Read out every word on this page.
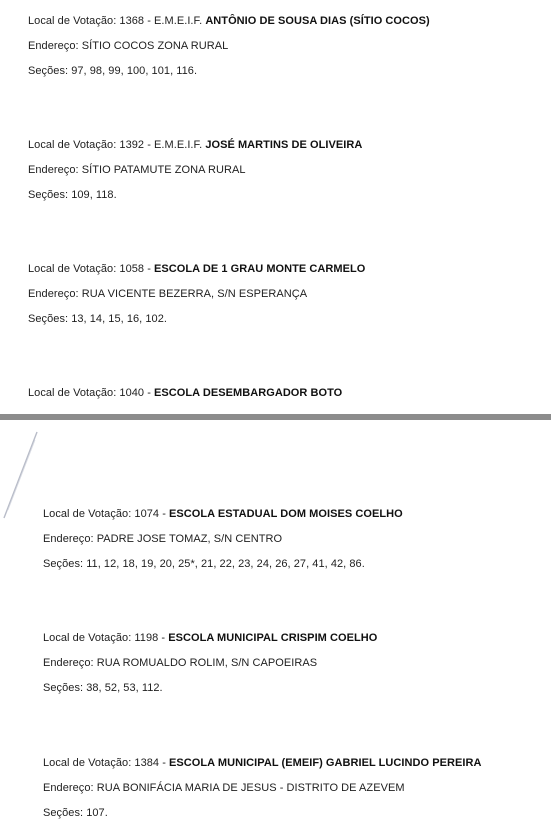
Local de Votação: 1368 - E.M.E.I.F. ANTÔNIO DE SOUSA DIAS (SÍTIO COCOS)
Endereço: SÍTIO COCOS ZONA RURAL
Seções: 97, 98, 99, 100, 101, 116.
Local de Votação: 1392 - E.M.E.I.F. JOSÉ MARTINS DE OLIVEIRA
Endereço: SÍTIO PATAMUTE ZONA RURAL
Seções: 109, 118.
Local de Votação: 1058 - ESCOLA DE 1 GRAU MONTE CARMELO
Endereço: RUA VICENTE BEZERRA, S/N ESPERANÇA
Seções: 13, 14, 15, 16, 102.
Local de Votação: 1040 - ESCOLA DESEMBARGADOR BOTO
Local de Votação: 1074 - ESCOLA ESTADUAL DOM MOISES COELHO
Endereço: PADRE JOSE TOMAZ, S/N CENTRO
Seções: 11, 12, 18, 19, 20, 25*, 21, 22, 23, 24, 26, 27, 41, 42, 86.
Local de Votação: 1198 - ESCOLA MUNICIPAL CRISPIM COELHO
Endereço: RUA ROMUALDO ROLIM, S/N CAPOEIRAS
Seções: 38, 52, 53, 112.
Local de Votação: 1384 - ESCOLA MUNICIPAL (EMEIF) GABRIEL LUCINDO PEREIRA
Endereço: RUA BONIFÁCIA MARIA DE JESUS - DISTRITO DE AZEVEM
Seções: 107.
